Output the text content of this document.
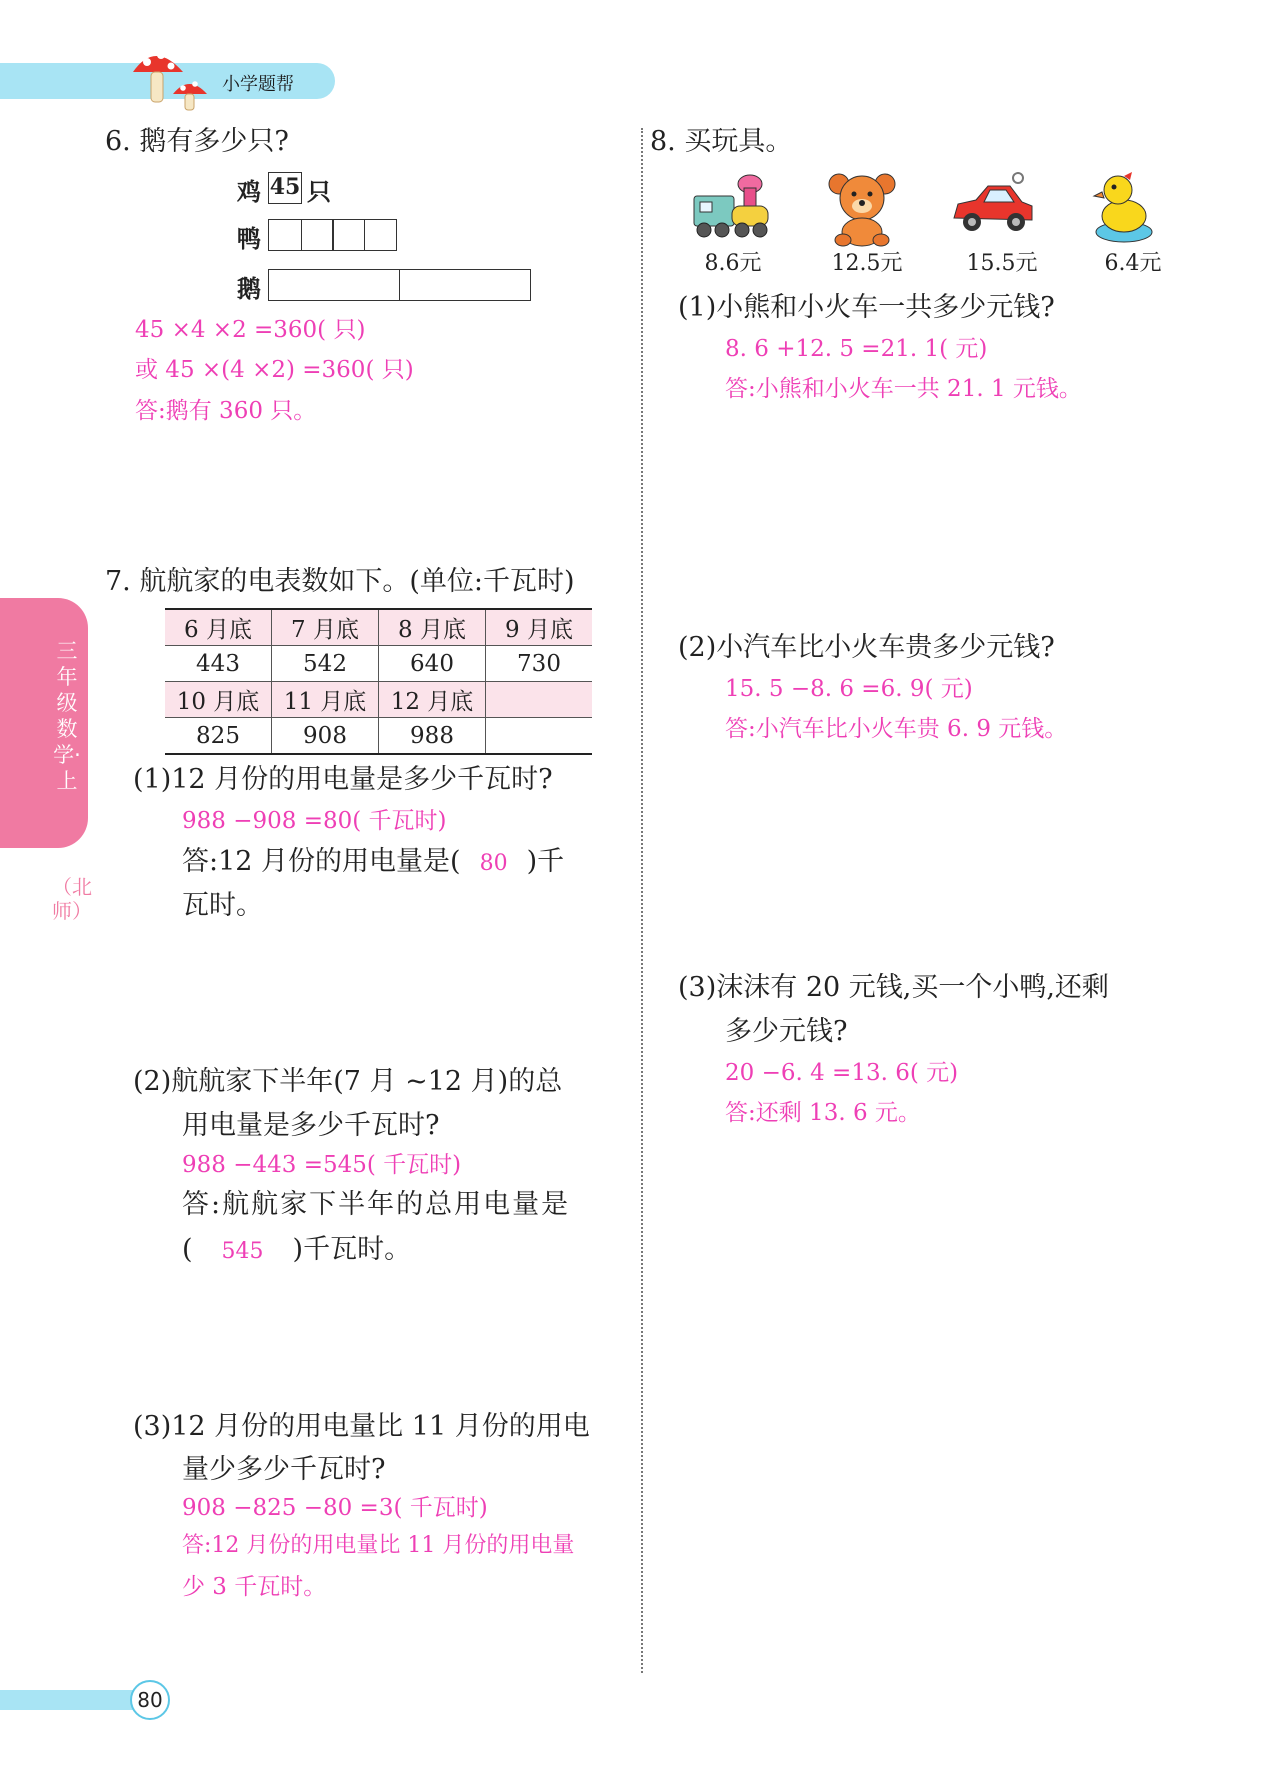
小学题帮
三年级数学·上
（北师）
6. 鹅有多少只?
鸡 45 只
鸭
鹅
45 ×4 ×2 =360( 只)
或 45 ×(4 ×2) =360( 只)
答:鹅有 360 只。
7. 航航家的电表数如下。(单位:千瓦时)
6 月底	7 月底	8 月底	9 月底
443	542	640	730
10 月底	11 月底	12 月底	
825	908	988	
(1)12 月份的用电量是多少千瓦时?
988 −908 =80( 千瓦时)
答:12 月份的用电量是( 80 )千
瓦时。
(2)航航家下半年(7 月 ~12 月)的总
用电量是多少千瓦时?
988 −443 =545( 千瓦时)
答:航航家下半年的总用电量是
( 545 )千瓦时。
(3)12 月份的用电量比 11 月份的用电
量少多少千瓦时?
908 −825 −80 =3( 千瓦时)
答:12 月份的用电量比 11 月份的用电量
少 3 千瓦时。
8. 买玩具。
8.6元	12.5元	15.5元	6.4元
(1)小熊和小火车一共多少元钱?
8. 6 +12. 5 =21. 1( 元)
答:小熊和小火车一共 21. 1 元钱。
(2)小汽车比小火车贵多少元钱?
15. 5 −8. 6 =6. 9( 元)
答:小汽车比小火车贵 6. 9 元钱。
(3)沫沫有 20 元钱,买一个小鸭,还剩
多少元钱?
20 −6. 4 =13. 6( 元)
答:还剩 13. 6 元。
80
